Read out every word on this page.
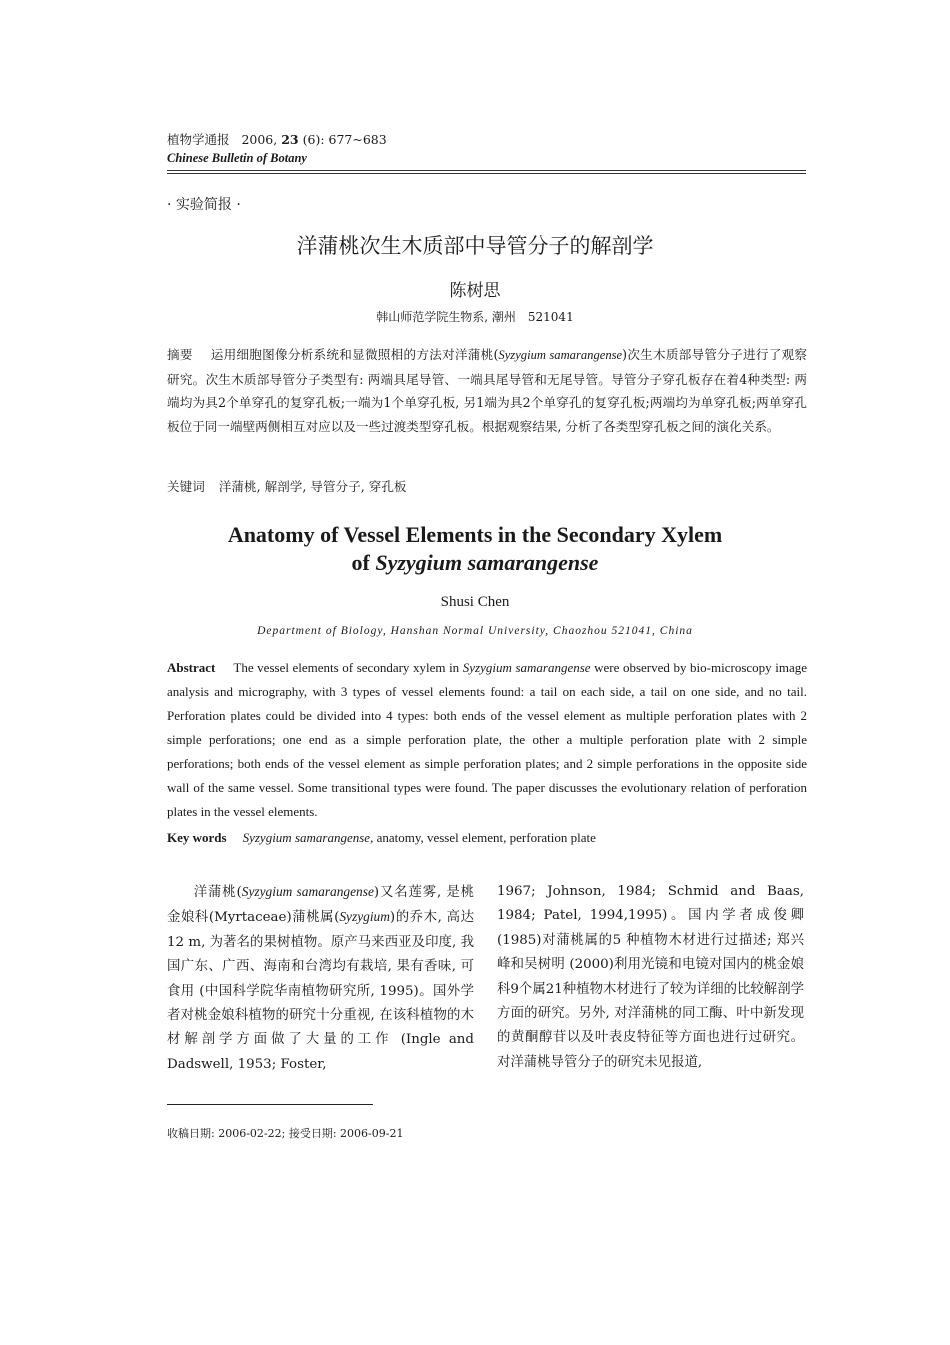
植物学通报 2006, 23 (6): 677~683
Chinese Bulletin of Botany
· 实验简报 ·
洋蒲桃次生木质部中导管分子的解剖学
陈树思
韩山师范学院生物系, 潮州　521041
摘要 运用细胞图像分析系统和显微照相的方法对洋蒲桃(Syzygium samarangense)次生木质部导管分子进行了观察研究。次生木质部导管分子类型有: 两端具尾导管、一端具尾导管和无尾导管。导管分子穿孔板存在着4种类型: 两端均为具2个单穿孔的复穿孔板;一端为1个单穿孔板, 另1端为具2个单穿孔的复穿孔板;两端均为单穿孔板;两单穿孔板位于同一端壁两侧相互对应以及一些过渡类型穿孔板。根据观察结果, 分析了各类型穿孔板之间的演化关系。
关键词 洋蒲桃, 解剖学, 导管分子, 穿孔板
Anatomy of Vessel Elements in the Secondary Xylem
of Syzygium samarangense
Shusi Chen
Department of Biology, Hanshan Normal University, Chaozhou 521041, China
Abstract The vessel elements of secondary xylem in Syzygium samarangense were observed by bio-microscopy image analysis and micrography, with 3 types of vessel elements found: a tail on each side, a tail on one side, and no tail. Perforation plates could be divided into 4 types: both ends of the vessel element as multiple perforation plates with 2 simple perforations; one end as a simple perforation plate, the other a multiple perforation plate with 2 simple perforations; both ends of the vessel element as simple perforation plates; and 2 simple perforations in the opposite side wall of the same vessel. Some transitional types were found. The paper discusses the evolutionary relation of perforation plates in the vessel elements.
Key words Syzygium samarangense, anatomy, vessel element, perforation plate
洋蒲桃(Syzygium samarangense)又名莲雾, 是桃金娘科(Myrtaceae)蒲桃属(Syzygium)的乔木, 高达 12 m, 为著名的果树植物。原产马来西亚及印度, 我国广东、广西、海南和台湾均有栽培, 果有香味, 可食用 (中国科学院华南植物研究所, 1995)。国外学者对桃金娘科植物的研究十分重视, 在该科植物的木材解剖学方面做了大量的工作 (Ingle and Dadswell, 1953; Foster,
1967; Johnson, 1984; Schmid and Baas, 1984; Patel, 1994,1995)。国内学者成俊卿 (1985)对蒲桃属的5 种植物木材进行过描述; 郑兴峰和吴树明 (2000)利用光镜和电镜对国内的桃金娘科9个属21种植物木材进行了较为详细的比较解剖学方面的研究。另外, 对洋蒲桃的同工酶、叶中新发现的黄酮醇苷以及叶表皮特征等方面也进行过研究。对洋蒲桃导管分子的研究未见报道,
收稿日期: 2006-02-22; 接受日期: 2006-09-21
